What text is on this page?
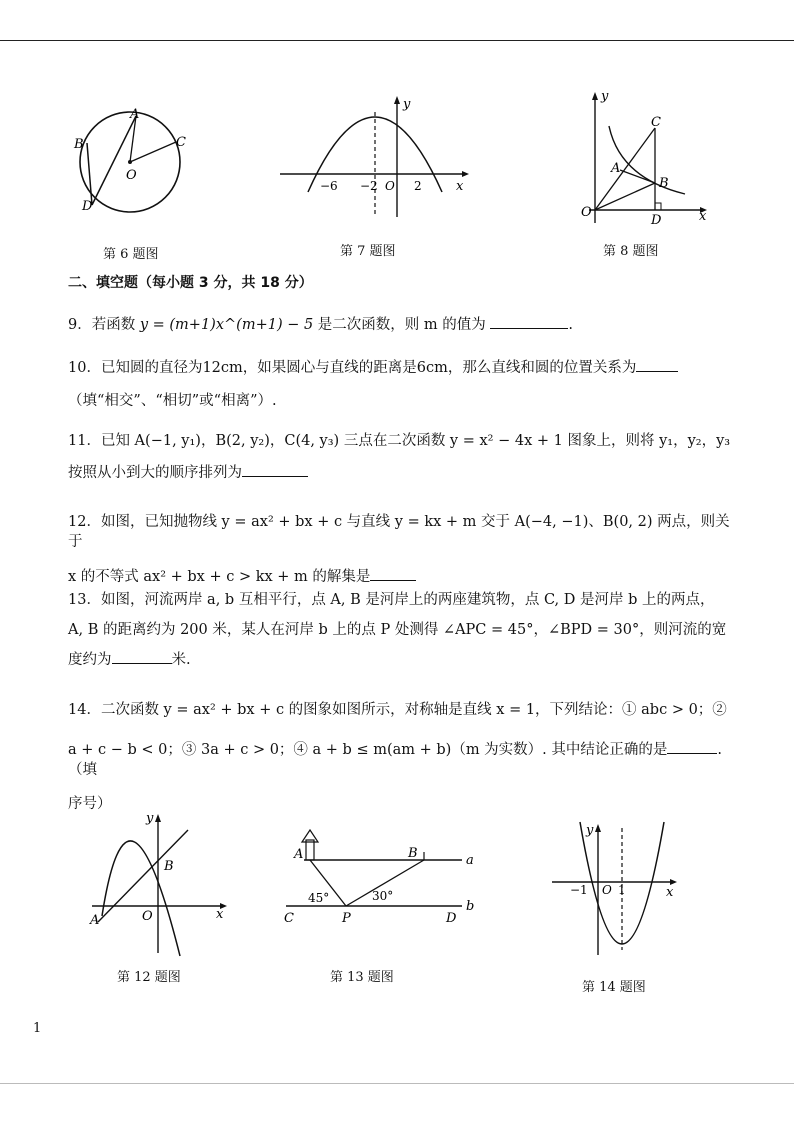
A
B	C
D
O
第 6 题图
y
x
−6 −2 O 2
第 7 题图
y
x
A
B
C
D
O
第 8 题图
二、填空题（每小题 3 分，共 18 分）
9．若函数 y = (m+1)x^(m+1) − 5 是二次函数，则 m 的值为	.
10．已知圆的直径为12cm，如果圆心与直线的距离是6cm，那么直线和圆的位置关系为
（填“相交”、“相切”或“相离”）.
11．已知 A(−1, y₁)，B(2, y₂)，C(4, y₃) 三点在二次函数 y = x² − 4x + 1 图象上，则将 y₁，y₂，y₃
按照从小到大的顺序排列为
12．如图，已知抛物线 y = ax² + bx + c 与直线 y = kx + m 交于 A(−4, −1)、B(0, 2) 两点，则关于
x 的不等式 ax² + bx + c > kx + m 的解集是
13．如图，河流两岸 a, b 互相平行，点 A, B 是河岸上的两座建筑物，点 C, D 是河岸 b 上的两点，
A, B 的距离约为 200 米，某人在河岸 b 上的点 P 处测得 ∠APC = 45°，∠BPD = 30°，则河流的宽
度约为	米.
14．二次函数 y = ax² + bx + c 的图象如图所示，对称轴是直线 x = 1，下列结论：① abc > 0；②
a + c − b < 0；③ 3a + c > 0；④ a + b ≤ m(am + b)（m 为实数）. 其中结论正确的是	.（填
序号）
y
x
A
B
O
第 12 题图
A	B
C	D
P
a
b
45°	30°
第 13 题图
y
x
−1 O 1
第 14 题图
1
